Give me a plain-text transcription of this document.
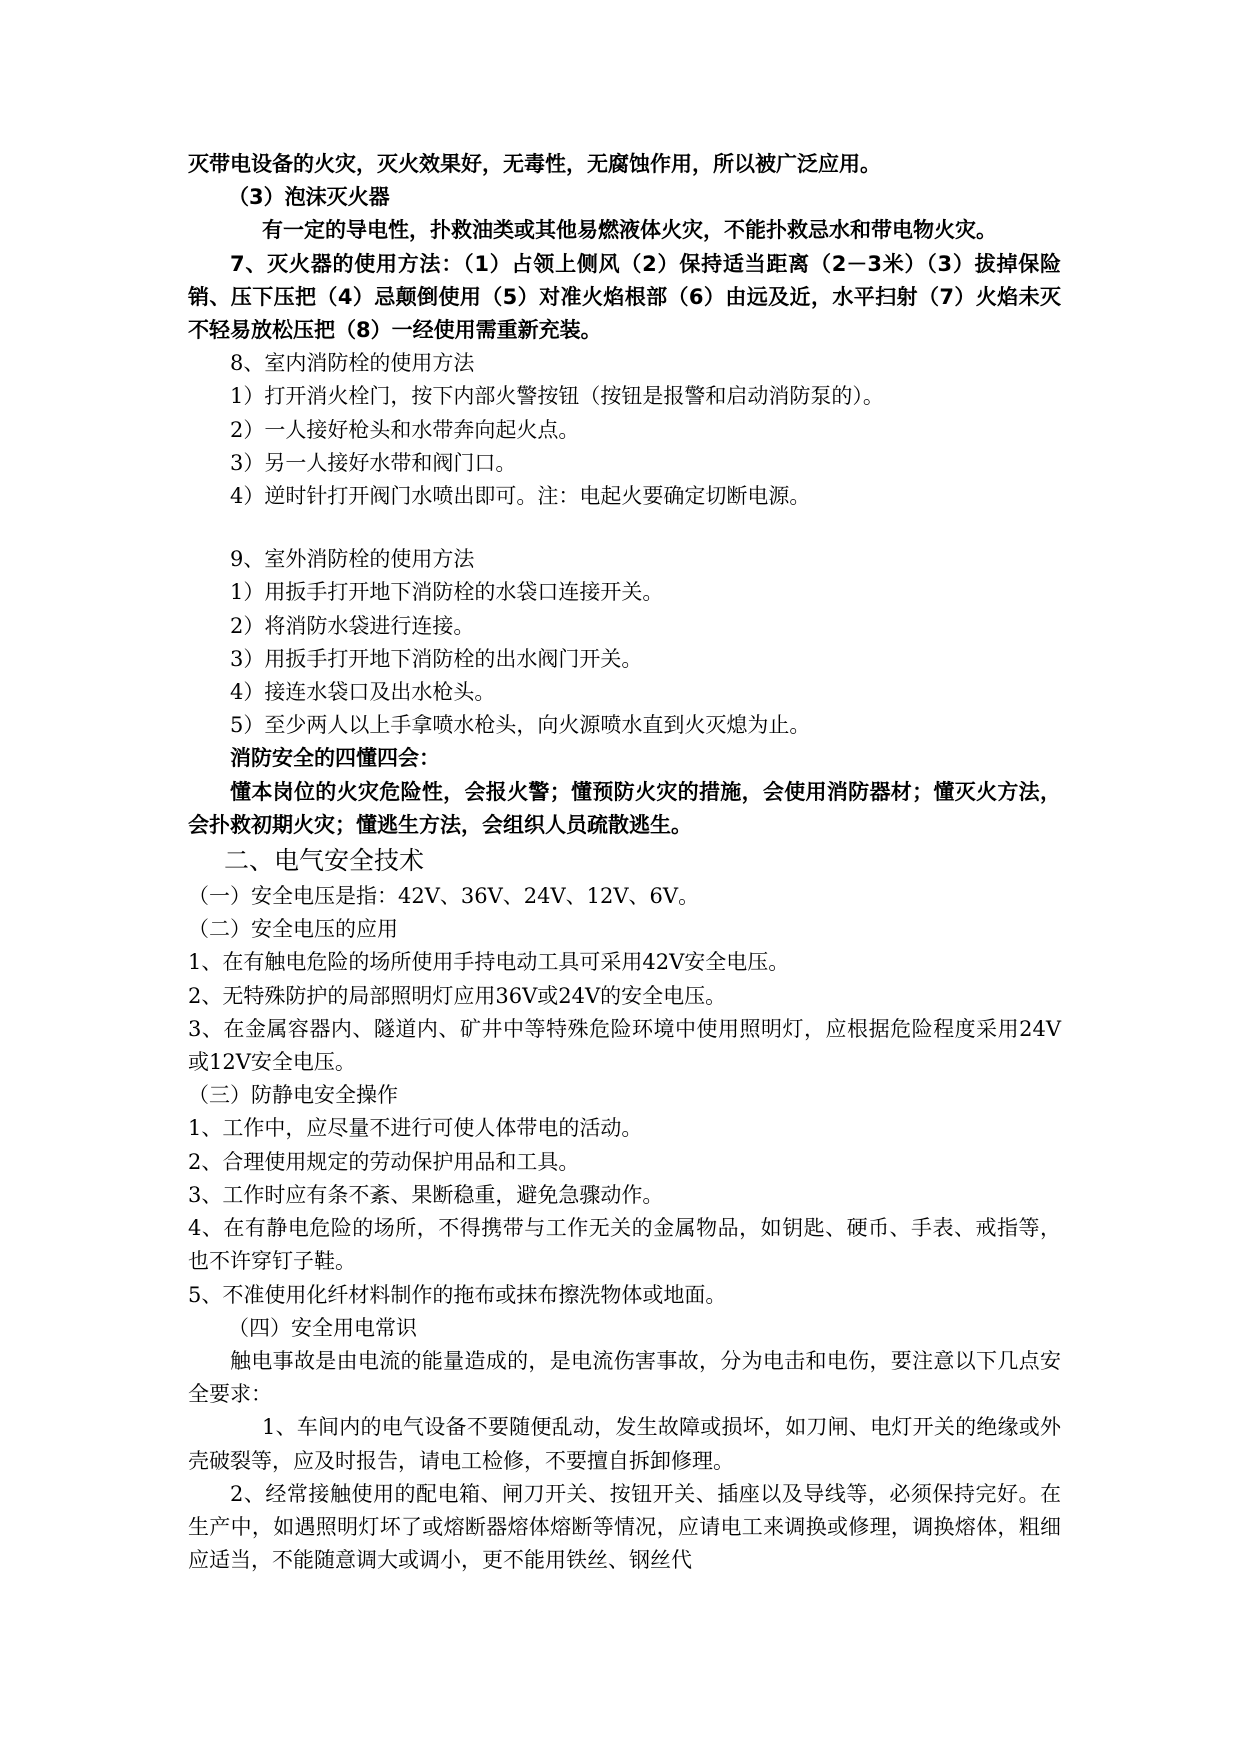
灭带电设备的火灾，灭火效果好，无毒性，无腐蚀作用，所以被广泛应用。

（3）泡沫灭火器

有一定的导电性，扑救油类或其他易燃液体火灾，不能扑救忌水和带电物火灾。

7、灭火器的使用方法：（1）占领上侧风（2）保持适当距离（2－3米）（3）拔掉保险销、压下压把（4）忌颠倒使用（5）对准火焰根部（6）由远及近，水平扫射（7）火焰未灭不轻易放松压把（8）一经使用需重新充装。

8、室内消防栓的使用方法

1）打开消火栓门，按下内部火警按钮（按钮是报警和启动消防泵的）。

2）一人接好枪头和水带奔向起火点。

3）另一人接好水带和阀门口。

4）逆时针打开阀门水喷出即可。注：电起火要确定切断电源。

9、室外消防栓的使用方法

1）用扳手打开地下消防栓的水袋口连接开关。

2）将消防水袋进行连接。

3）用扳手打开地下消防栓的出水阀门开关。

4）接连水袋口及出水枪头。

5）至少两人以上手拿喷水枪头，向火源喷水直到火灭熄为止。

消防安全的四懂四会：

懂本岗位的火灾危险性，会报火警；懂预防火灾的措施，会使用消防器材；懂灭火方法，会扑救初期火灾；懂逃生方法，会组织人员疏散逃生。

二、电气安全技术

（一）安全电压是指：42V、36V、24V、12V、6V。

（二）安全电压的应用

1、在有触电危险的场所使用手持电动工具可采用42V安全电压。

2、无特殊防护的局部照明灯应用36V或24V的安全电压。

3、在金属容器内、隧道内、矿井中等特殊危险环境中使用照明灯，应根据危险程度采用24V或12V安全电压。

（三）防静电安全操作

1、工作中，应尽量不进行可使人体带电的活动。

2、合理使用规定的劳动保护用品和工具。

3、工作时应有条不紊、果断稳重，避免急骤动作。

4、在有静电危险的场所，不得携带与工作无关的金属物品，如钥匙、硬币、手表、戒指等，也不许穿钉子鞋。

5、不准使用化纤材料制作的拖布或抹布擦洗物体或地面。

（四）安全用电常识

触电事故是由电流的能量造成的，是电流伤害事故，分为电击和电伤，要注意以下几点安全要求：

1、车间内的电气设备不要随便乱动，发生故障或损坏，如刀闸、电灯开关的绝缘或外壳破裂等，应及时报告，请电工检修，不要擅自拆卸修理。

2、经常接触使用的配电箱、闸刀开关、按钮开关、插座以及导线等，必须保持完好。在生产中，如遇照明灯坏了或熔断器熔体熔断等情况，应请电工来调换或修理，调换熔体，粗细应适当，不能随意调大或调小，更不能用铁丝、钢丝代
